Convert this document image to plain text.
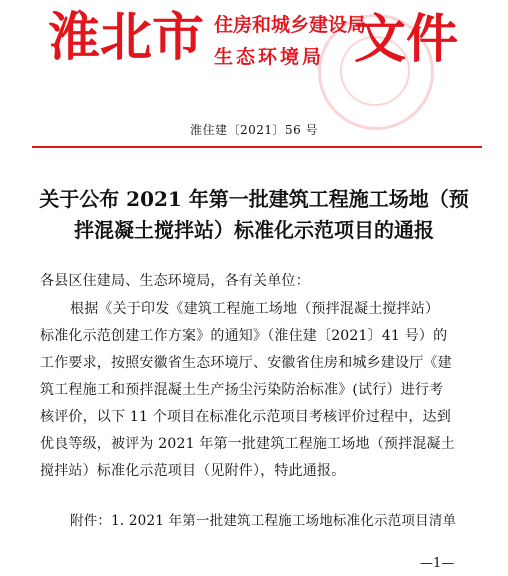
淮北市 住房和城乡建设局
生态环境局 文件
淮住建〔2021〕56 号
关于公布 2021 年第一批建筑工程施工场地（预
拌混凝土搅拌站）标准化示范项目的通报
各县区住建局、生态环境局，各有关单位：
根据《关于印发《建筑工程施工场地（预拌混凝土搅拌站）
标准化示范创建工作方案》的通知》（淮住建〔2021〕41 号）的
工作要求，按照安徽省生态环境厅、安徽省住房和城乡建设厅《建
筑工程施工和预拌混凝土生产扬尘污染防治标准》(试行）进行考
核评价，以下 11 个项目在标准化示范项目考核评价过程中，达到
优良等级，被评为 2021 年第一批建筑工程施工场地（预拌混凝土
搅拌站）标准化示范项目（见附件），特此通报。
附件：1. 2021 年第一批建筑工程施工场地标准化示范项目清单
—1—
